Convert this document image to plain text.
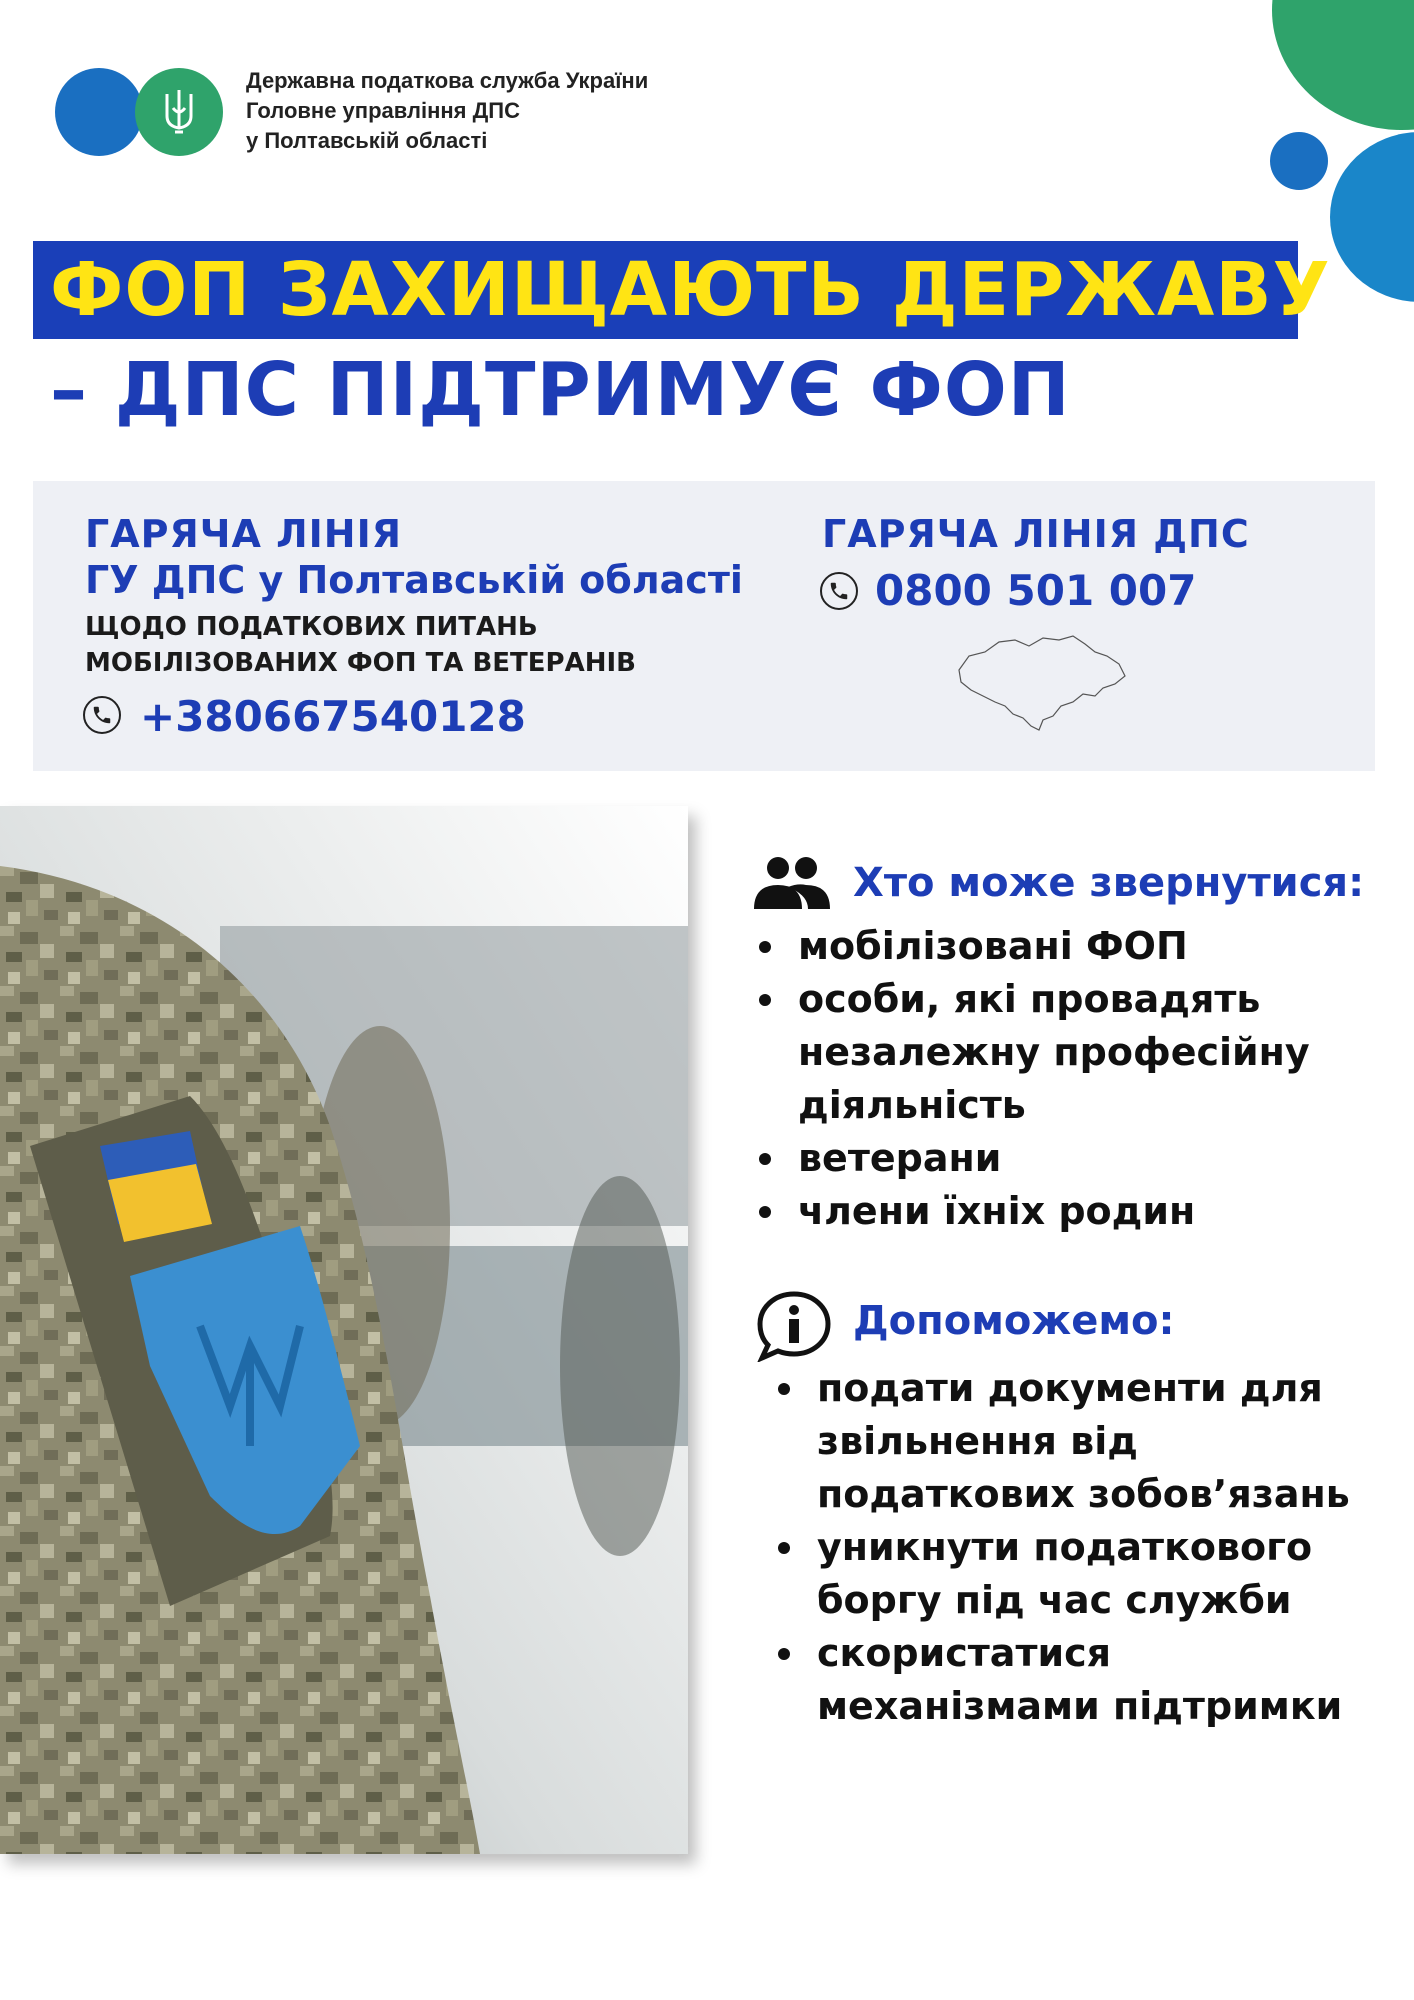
Державна податкова служба України
Головне управління ДПС
у Полтавській області
ФОП ЗАХИЩАЮТЬ ДЕРЖАВУ
– ДПС ПІДТРИМУЄ ФОП
ГАРЯЧА ЛІНІЯ
ГУ ДПС у Полтавській області
ЩОДО ПОДАТКОВИХ ПИТАНЬ
МОБІЛІЗОВАНИХ ФОП ТА ВЕТЕРАНІВ
+380667540128
ГАРЯЧА ЛІНІЯ ДПС
0800 501 007
Хто може звернутися:
мобілізовані ФОП
особи, які провадять незалежну професійну діяльність
ветерани
члени їхніх родин
Допоможемо:
подати документи для звільнення від податкових зобов’язань
уникнути податкового боргу під час служби
скористатися механізмами підтримки
